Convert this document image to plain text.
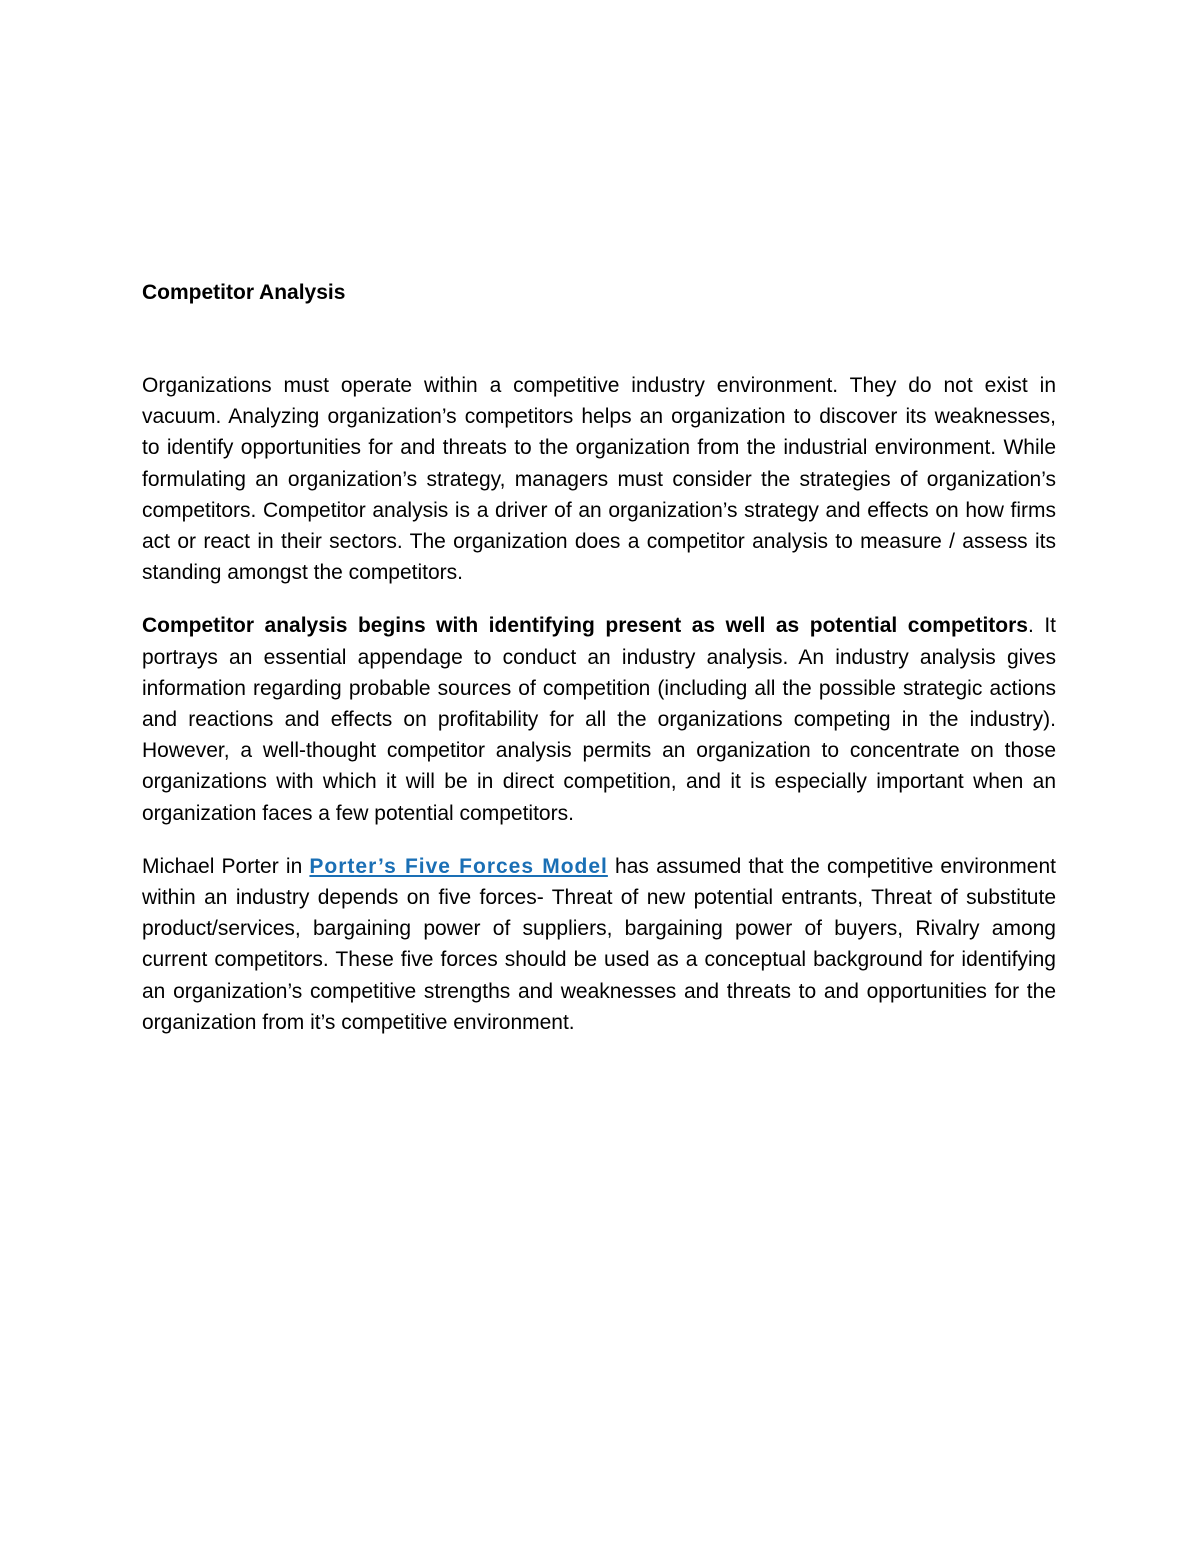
Competitor Analysis

Organizations must operate within a competitive industry environment. They do not exist in vacuum. Analyzing organization’s competitors helps an organization to discover its weaknesses, to identify opportunities for and threats to the organization from the industrial environment. While formulating an organization’s strategy, managers must consider the strategies of organization’s competitors. Competitor analysis is a driver of an organization’s strategy and effects on how firms act or react in their sectors. The organization does a competitor analysis to measure / assess its standing amongst the competitors.

Competitor analysis begins with identifying present as well as potential competitors. It portrays an essential appendage to conduct an industry analysis. An industry analysis gives information regarding probable sources of competition (including all the possible strategic actions and reactions and effects on profitability for all the organizations competing in the industry). However, a well-thought competitor analysis permits an organization to concentrate on those organizations with which it will be in direct competition, and it is especially important when an organization faces a few potential competitors.

Michael Porter in Porter’s Five Forces Model has assumed that the competitive environment within an industry depends on five forces- Threat of new potential entrants, Threat of substitute product/services, bargaining power of suppliers, bargaining power of buyers, Rivalry among current competitors. These five forces should be used as a conceptual background for identifying an organization’s competitive strengths and weaknesses and threats to and opportunities for the organization from it’s competitive environment.
